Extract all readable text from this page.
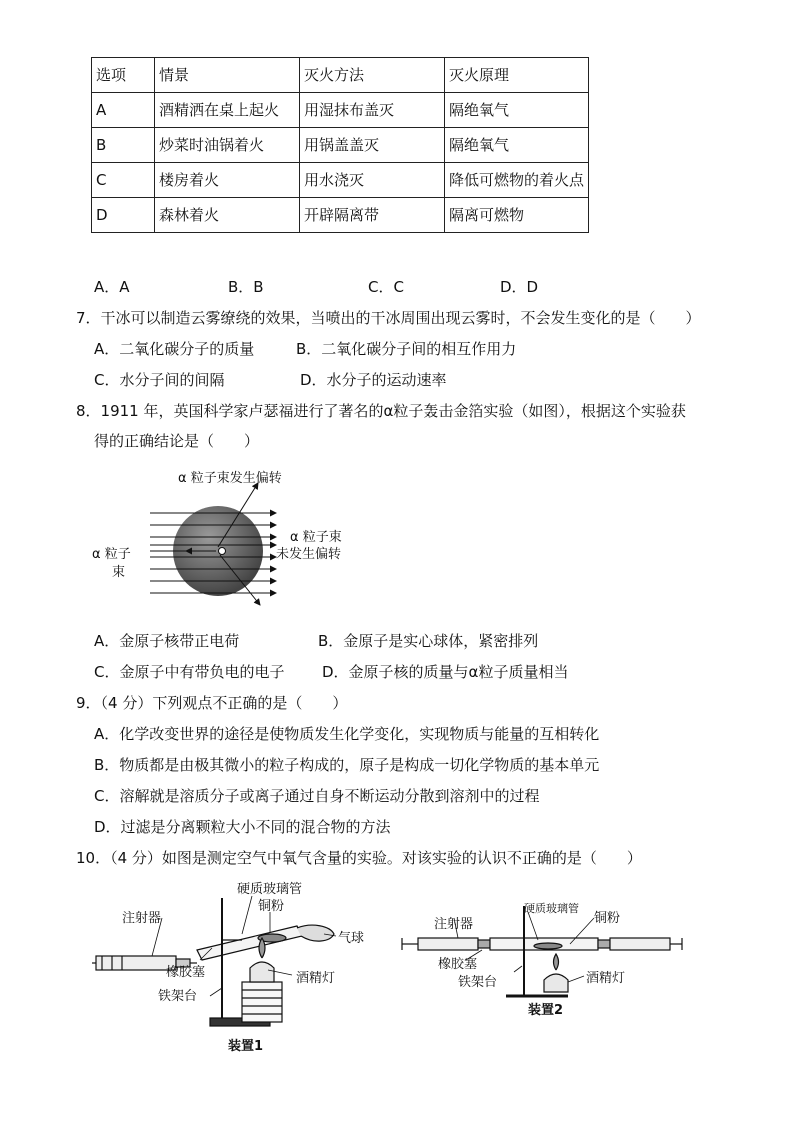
选项	情景	灭火方法	灭火原理
A	酒精洒在桌上起火	用湿抹布盖灭	隔绝氧气
B	炒菜时油锅着火	用锅盖盖灭	隔绝氧气
C	楼房着火	用水浇灭	降低可燃物的着火点
D	森林着火	开辟隔离带	隔离可燃物
A．A	B．B	C．C	D．D
7．干冰可以制造云雾缭绕的效果，当喷出的干冰周围出现云雾时，不会发生变化的是（　　）
A．二氧化碳分子的质量	B．二氧化碳分子间的相互作用力
C．水分子间的间隔	D．水分子的运动速率
8．1911 年，英国科学家卢瑟福进行了著名的α粒子轰击金箔实验（如图），根据这个实验获
得的正确结论是（　　）
α 粒子束发生偏转
α 粒子束
未发生偏转
α 粒子
束
A．金原子核带正电荷	B．金原子是实心球体，紧密排列
C．金原子中有带负电的电子	D．金原子核的质量与α粒子质量相当
9．（4 分）下列观点不正确的是（　　）
A．化学改变世界的途径是使物质发生化学变化，实现物质与能量的互相转化
B．物质都是由极其微小的粒子构成的，原子是构成一切化学物质的基本单元
C．溶解就是溶质分子或离子通过自身不断运动分散到溶剂中的过程
D．过滤是分离颗粒大小不同的混合物的方法
10．（4 分）如图是测定空气中氧气含量的实验。对该实验的认识不正确的是（　　）
硬质玻璃管
铜粉
注射器
气球
橡胶塞	酒精灯
铁架台
装置1
注射器
硬质玻璃管
铜粉
橡胶塞
铁架台	酒精灯
装置2
